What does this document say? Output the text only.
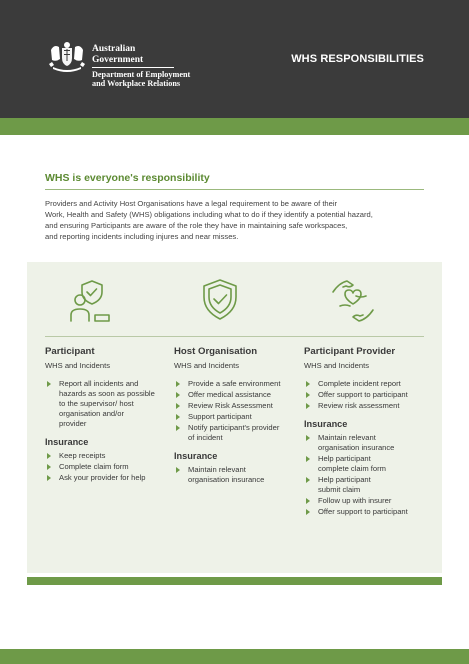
Australian Government
Department of Employment
and Workplace Relations
WHS RESPONSIBILITIES
WHS is everyone's responsibility
Providers and Activity Host Organisations have a legal requirement to be aware of their
Work, Health and Safety (WHS) obligations including what to do if they identify a potential hazard,
and ensuring Participants are aware of the role they have in maintaining safe workspaces,
and reporting incidents including injures and near misses.
Participant
WHS and Incidents
Report all incidents and
hazards as soon as possible
to the supervisor/ host
organisation and/or
provider
Insurance
Keep receipts
Complete claim form
Ask your provider for help
Host Organisation
WHS and Incidents
Provide a safe environment
Offer medical assistance
Review Risk Assessment
Support participant
Notify participant's provider
of incident
Insurance
Maintain relevant
organisation insurance
Participant Provider
WHS and Incidents
Complete incident report
Offer support to participant
Review risk assessment
Insurance
Maintain relevant
organisation insurance
Help participant
complete claim form
Help participant
submit claim
Follow up with insurer
Offer support to participant
